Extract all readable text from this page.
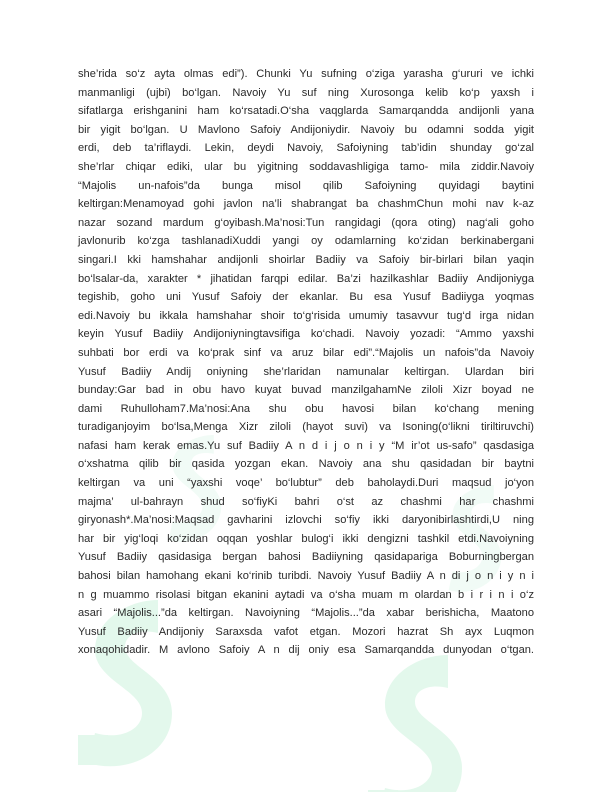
she’rida so‘z ayta olmas edi”). Chunki Yu sufning o‘ziga yarasha g‘ururi ve ichki

manmanligi (ujbi) bo‘lgan. Navoiy Yu suf ning Xurosonga kelib ko‘p yaxsh i

sifatlarga erishganini ham ko‘rsatadi.O‘sha vaqglarda Samarqandda andijonli yana

bir yigit bo‘lgan. U Mavlono Safoiy Andijoniydir. Navoiy bu odamni sodda yigit

erdi, deb ta’riflaydi. Lekin, deydi Navoiy, Safoiyning tab’idin shunday go‘zal

she’rlar chiqar ediki, ular bu yigitning soddavashligiga tamo- mila ziddir.Navoiy

“Majolis un-nafois”da bunga misol qilib Safoiyning quyidagi baytini

keltirgan:Menamoyad gohi javlon na’li shabrangat ba chashmChun mohi nav k-az

nazar sozand mardum g‘oyibash.Ma’nosi:Tun rangidagi (qora oting) nag‘ali goho

javlonurib ko‘zga tashlanadiXuddi yangi oy odamlarning ko‘zidan berkinabergani

singari.I kki hamshahar andijonli shoirlar Badiiy va Safoiy bir-birlari bilan yaqin

bo‘lsalar-da, xarakter * jihatidan farqpi edilar. Ba’zi hazilkashlar Badiiy Andijoniyga

tegishib, goho uni Yusuf Safoiy der ekanlar. Bu esa Yusuf Badiiyga yoqmas

edi.Navoiy bu ikkala hamshahar shoir to‘g‘risida umumiy tasavvur tug‘d irga nidan

keyin Yusuf Badiiy Andijoniyningtavsifiga ko‘chadi. Navoiy yozadi: “Ammo yaxshi

suhbati bor erdi va ko‘prak sinf va aruz bilar edi”.“Majolis un nafois”da Navoiy

Yusuf Badiiy Andij oniyning she’rlaridan namunalar keltirgan. Ulardan biri

bunday:Gar bad in obu havo kuyat buvad manzilgahamNe ziloli Xizr boyad ne

dami Ruhulloham7.Ma’nosi:Ana shu obu havosi bilan ko‘chang mening

turadiganjoyim bo‘lsa,Menga Xizr ziloli (hayot suvi) va Isoning(o‘likni tiriltiruvchi)

nafasi ham kerak emas.Yu suf Badiiy A n d i j o n i y “M ir’ot us-safo” qasdasiga

o‘xshatma qilib bir qasida yozgan ekan. Navoiy ana shu qasidadan bir baytni

keltirgan va uni “yaxshi voqe’ bo‘lubtur” deb baholaydi.Duri maqsud jo‘yon

majma’ ul-bahrayn shud so‘fiyKi bahri o‘st az chashmi har chashmi

giryonash*.Ma’nosi:Maqsad gavharini izlovchi so‘fiy ikki daryonibirlashtirdi,U ning

har bir yig‘loqi ko‘zidan oqqan yoshlar bulog‘i ikki dengizni tashkil etdi.Navoiyning

Yusuf Badiiy qasidasiga bergan bahosi Badiiyning qasidapariga Boburningbergan

bahosi bilan hamohang ekani ko‘rinib turibdi. Navoiy Yusuf Badiiy A n di j o n i y n i

n g muammo risolasi bitgan ekanini aytadi va o‘sha muam m olardan b i r i n i o‘z

asari “Majolis...”da keltirgan. Navoiyning “Majolis...”da xabar berishicha, Maatono

Yusuf Badiiy Andijoniy Saraxsda vafot etgan. Mozori hazrat Sh ayx Luqmon

xonaqohidadir. M avlono Safoiy A n dij oniy esa Samarqandda dunyodan o‘tgan.
